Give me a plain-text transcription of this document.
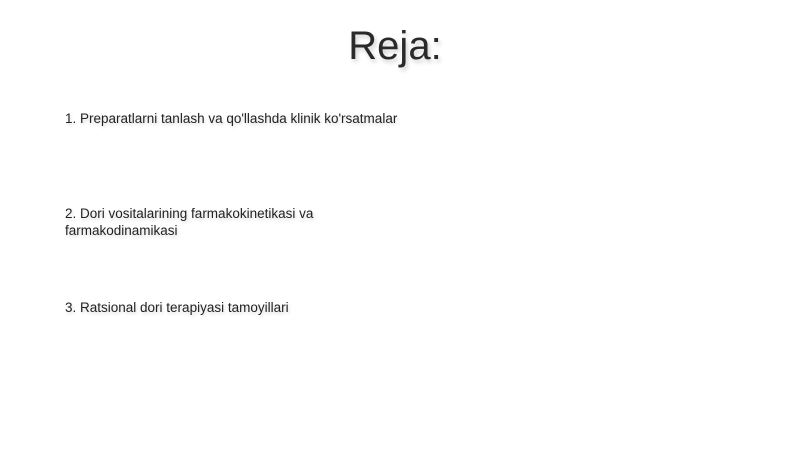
Reja:
1. Preparatlarni tanlash va qo'llashda klinik ko'rsatmalar
2. Dori vositalarining farmakokinetikasi va farmakodinamikasi
3. Ratsional dori terapiyasi tamoyillari
